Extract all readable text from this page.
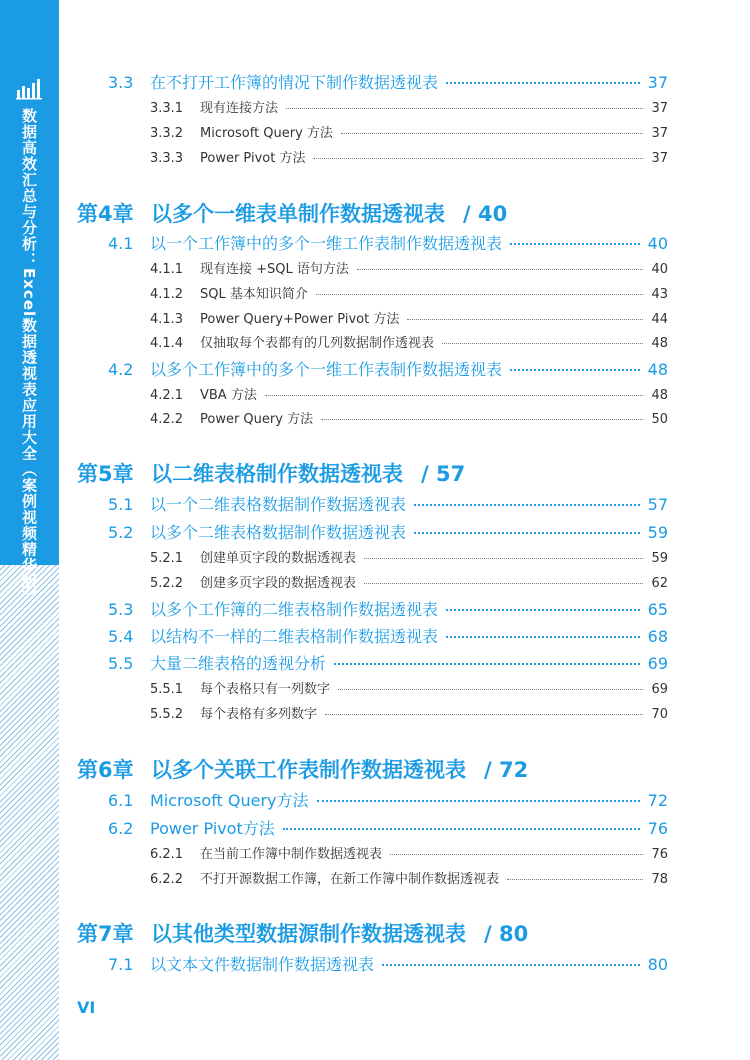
数据高效汇总与分析：Excel数据透视表应用大全（案例视频精华版）
3.3	在不打开工作簿的情况下制作数据透视表	37
3.3.1	现有连接方法	37
3.3.2	Microsoft Query 方法	37
3.3.3	Power Pivot 方法	37
第4章 以多个一维表单制作数据透视表 / 40
4.1	以一个工作簿中的多个一维工作表制作数据透视表	40
4.1.1	现有连接 +SQL 语句方法	40
4.1.2	SQL 基本知识简介	43
4.1.3	Power Query+Power Pivot 方法	44
4.1.4	仅抽取每个表都有的几列数据制作透视表	48
4.2	以多个工作簿中的多个一维工作表制作数据透视表	48
4.2.1	VBA 方法	48
4.2.2	Power Query 方法	50
第5章 以二维表格制作数据透视表 / 57
5.1	以一个二维表格数据制作数据透视表	57
5.2	以多个二维表格数据制作数据透视表	59
5.2.1	创建单页字段的数据透视表	59
5.2.2	创建多页字段的数据透视表	62
5.3	以多个工作簿的二维表格制作数据透视表	65
5.4	以结构不一样的二维表格制作数据透视表	68
5.5	大量二维表格的透视分析	69
5.5.1	每个表格只有一列数字	69
5.5.2	每个表格有多列数字	70
第6章 以多个关联工作表制作数据透视表 / 72
6.1	Microsoft Query方法	72
6.2	Power Pivot方法	76
6.2.1	在当前工作簿中制作数据透视表	76
6.2.2	不打开源数据工作簿，在新工作簿中制作数据透视表	78
第7章 以其他类型数据源制作数据透视表 / 80
7.1	以文本文件数据制作数据透视表	80
VI
